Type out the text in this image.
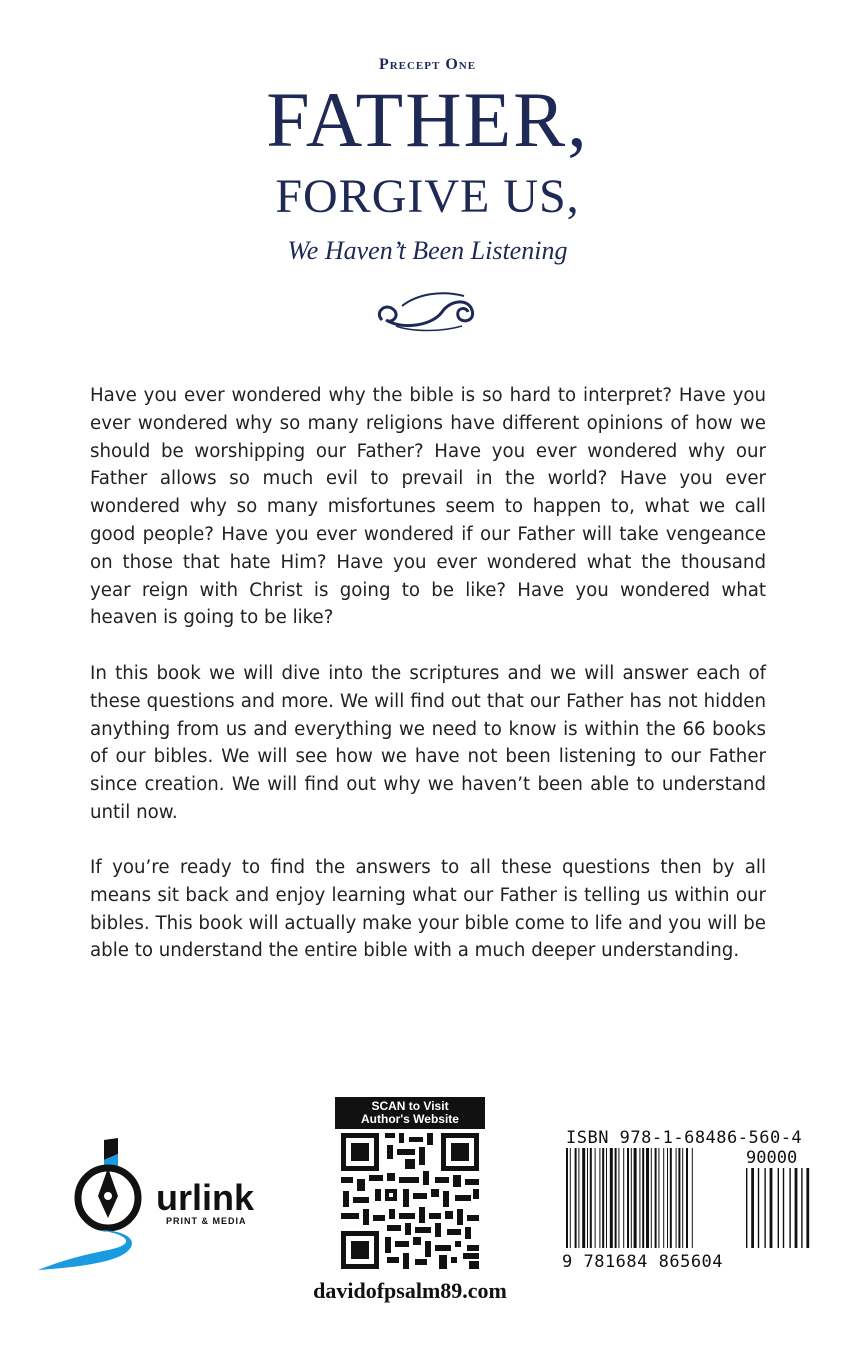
Precept One
FATHER,
FORGIVE US,
We Haven’t Been Listening
Have you ever wondered why the bible is so hard to interpret? Have you ever wondered why so many religions have different opinions of how we should be worshipping our Father? Have you ever wondered why our Father allows so much evil to prevail in the world? Have you ever wondered why so many misfortunes seem to happen to, what we call good people? Have you ever wondered if our Father will take vengeance on those that hate Him? Have you ever wondered what the thousand year reign with Christ is going to be like? Have you wondered what heaven is going to be like?
In this book we will dive into the scriptures and we will answer each of these questions and more. We will find out that our Father has not hidden anything from us and everything we need to know is within the 66 books of our bibles. We will see how we have not been listening to our Father since creation. We will find out why we haven’t been able to understand until now.
If you’re ready to find the answers to all these questions then by all means sit back and enjoy learning what our Father is telling us within our bibles. This book will actually make your bible come to life and you will be able to understand the entire bible with a much deeper understanding.
urlink
PRINT & MEDIA
SCAN to Visit
Author's Website
davidofpsalm89.com
ISBN 978-1-68486-560-4
90000
9 781684 865604
